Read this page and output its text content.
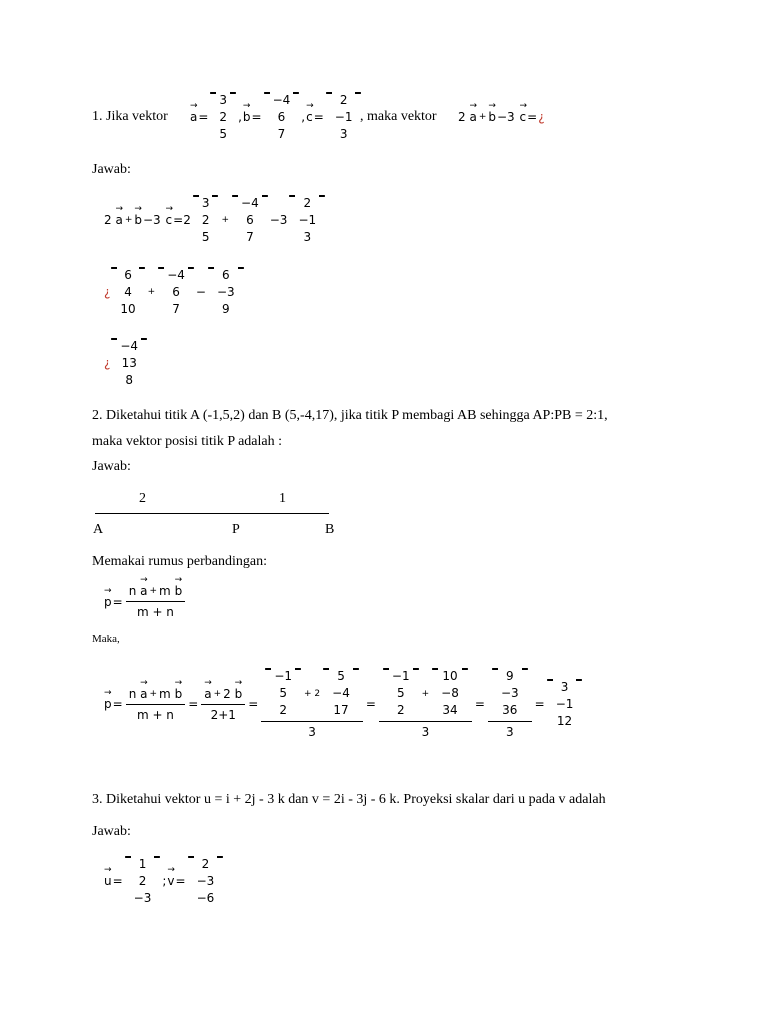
1. Jika vektor a
→
=
3
2
5
, b
→
=
−4
6
7
, c
→
=
2
−1
3
, maka vektor 2
a
→
+ b
→
−3
c
→
= ¿
Jawab:
2
a
→
+ b
→
−3
c
→
=2
3
2
5
+
−4
6
7
−3
2
−1
3
¿
6
4
10
+
−4
6
7
−
6
−3
9
¿
−4
13
8
2. Diketahui titik A (-1,5,2) dan B (5,-4,17), jika titik P membagi AB sehingga AP:PB = 2:1,
maka vektor posisi titik P adalah :
Jawab:
2	1
A	P	B
Memakai rumus perbandingan:
p
→
= n
a
→
+ m
b
→
m + n
Maka,
p
→
= n
a
→
+ m
b
→
m + n = a
→
+ 2
b
→
2+1 = −1
5
2
+ 2
5
−4
17
3 = −1
5
2
+
10
−8
34
3 = 9
−3
36
3 =
3
−1
12
3. Diketahui vektor u = i + 2j - 3 k dan v = 2i - 3j - 6 k. Proyeksi skalar dari u pada v adalah
Jawab:
u
→
=
1
2
−3
; v
→
=
2
−3
−6
